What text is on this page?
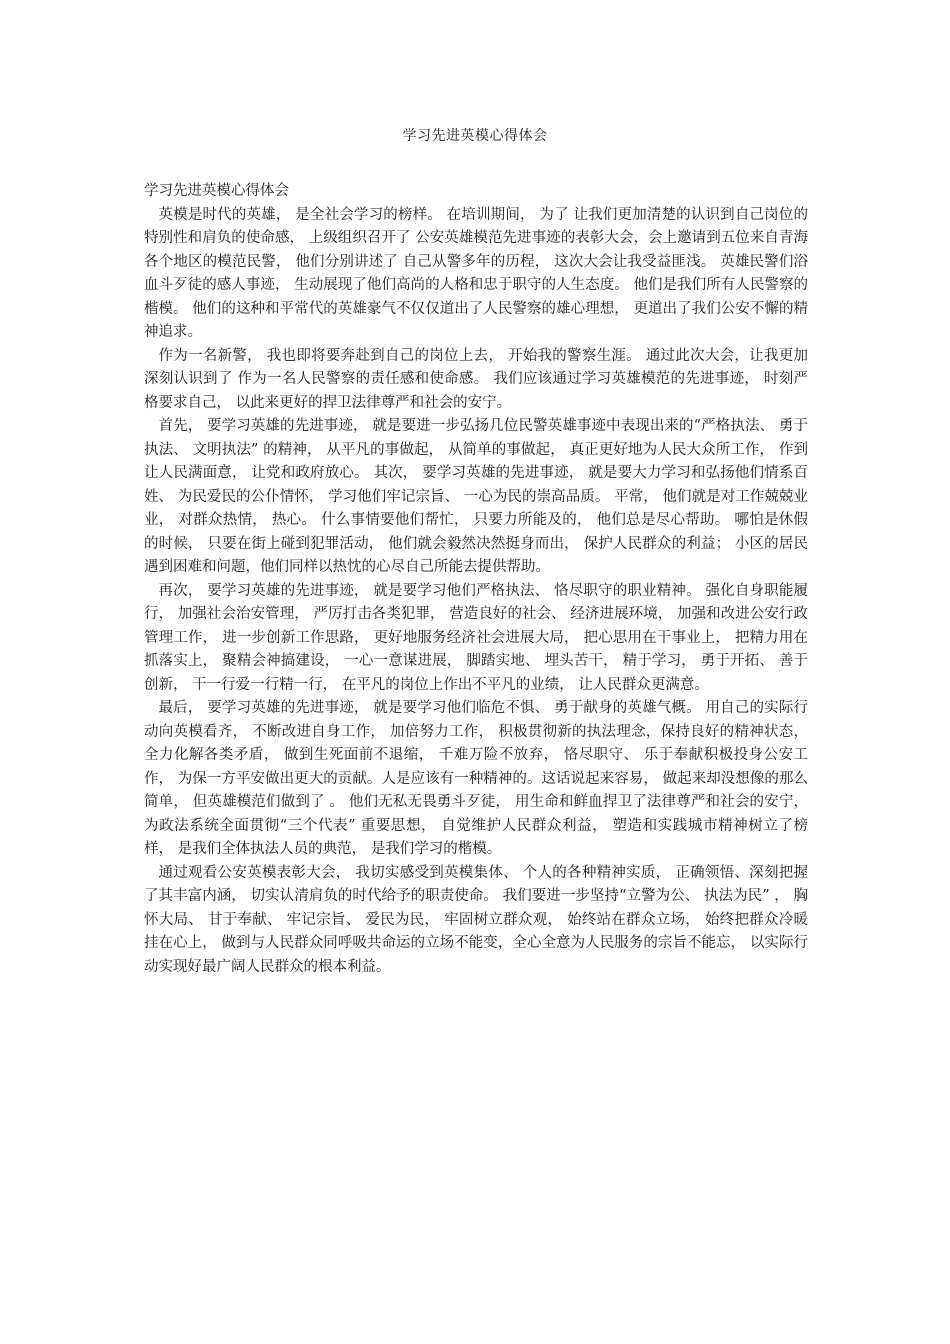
学习先进英模心得体会

学习先进英模心得体会

英模是时代的英雄， 是全社会学习的榜样。 在培训期间， 为了 让我们更加清楚的认识到自己岗位的特别性和肩负的使命感， 上级组织召开了 公安英雄模范先进事迹的表彰大会，会上邀请到五位来自青海各个地区的模范民警， 他们分别讲述了 自己从警多年的历程， 这次大会让我受益匪浅。 英雄民警们浴血斗歹徒的感人事迹， 生动展现了他们高尚的人格和忠于职守的人生态度。 他们是我们所有人民警察的楷模。 他们的这种和平常代的英雄豪气不仅仅道出了人民警察的雄心理想， 更道出了我们公安不懈的精神追求。

作为一名新警， 我也即将要奔赴到自己的岗位上去， 开始我的警察生涯。 通过此次大会，让我更加深刻认识到了 作为一名人民警察的责任感和使命感。 我们应该通过学习英雄模范的先进事迹， 时刻严格要求自己， 以此来更好的捍卫法律尊严和社会的安宁。

首先， 要学习英雄的先进事迹， 就是要进一步弘扬几位民警英雄事迹中表现出来的“严格执法、 勇于执法、 文明执法” 的精神， 从平凡的事做起， 从简单的事做起， 真正更好地为人民大众所工作， 作到让人民满面意， 让党和政府放心。 其次， 要学习英雄的先进事迹， 就是要大力学习和弘扬他们情系百姓、 为民爱民的公仆情怀， 学习他们牢记宗旨、 一心为民的崇高品质。 平常， 他们就是对工作兢兢业业， 对群众热情， 热心。 什么事情要他们帮忙， 只要力所能及的， 他们总是尽心帮助。 哪怕是休假的时候， 只要在街上碰到犯罪活动， 他们就会毅然决然挺身而出， 保护人民群众的利益； 小区的居民遇到困难和问题，他们同样以热忱的心尽自己所能去提供帮助。

再次， 要学习英雄的先进事迹， 就是要学习他们严格执法、 恪尽职守的职业精神。 强化自身职能履行， 加强社会治安管理， 严厉打击各类犯罪， 营造良好的社会、 经济进展环境， 加强和改进公安行政管理工作， 进一步创新工作思路， 更好地服务经济社会进展大局， 把心思用在干事业上， 把精力用在抓落实上， 聚精会神搞建设， 一心一意谋进展， 脚踏实地、 埋头苦干， 精于学习， 勇于开拓、 善于创新， 干一行爱一行精一行， 在平凡的岗位上作出不平凡的业绩， 让人民群众更满意。

最后， 要学习英雄的先进事迹， 就是要学习他们临危不惧、 勇于献身的英雄气概。 用自己的实际行动向英模看齐， 不断改进自身工作， 加倍努力工作， 积极贯彻新的执法理念，保持良好的精神状态， 全力化解各类矛盾， 做到生死面前不退缩， 千难万险不放弃， 恪尽职守、 乐于奉献积极投身公安工作， 为保一方平安做出更大的贡献。人是应该有一种精神的。这话说起来容易， 做起来却没想像的那么简单， 但英雄模范们做到了 。 他们无私无畏勇斗歹徒， 用生命和鲜血捍卫了法律尊严和社会的安宁， 为政法系统全面贯彻“三个代表” 重要思想， 自觉维护人民群众利益， 塑造和实践城市精神树立了榜样， 是我们全体执法人员的典范， 是我们学习的楷模。

通过观看公安英模表彰大会， 我切实感受到英模集体、 个人的各种精神实质， 正确领悟、深刻把握了其丰富内涵， 切实认清肩负的时代给予的职责使命。 我们要进一步坚持“立警为公、 执法为民” ， 胸怀大局、 甘于奉献、 牢记宗旨、 爱民为民， 牢固树立群众观， 始终站在群众立场， 始终把群众冷暖挂在心上， 做到与人民群众同呼吸共命运的立场不能变，全心全意为人民服务的宗旨不能忘， 以实际行动实现好最广阔人民群众的根本利益。
